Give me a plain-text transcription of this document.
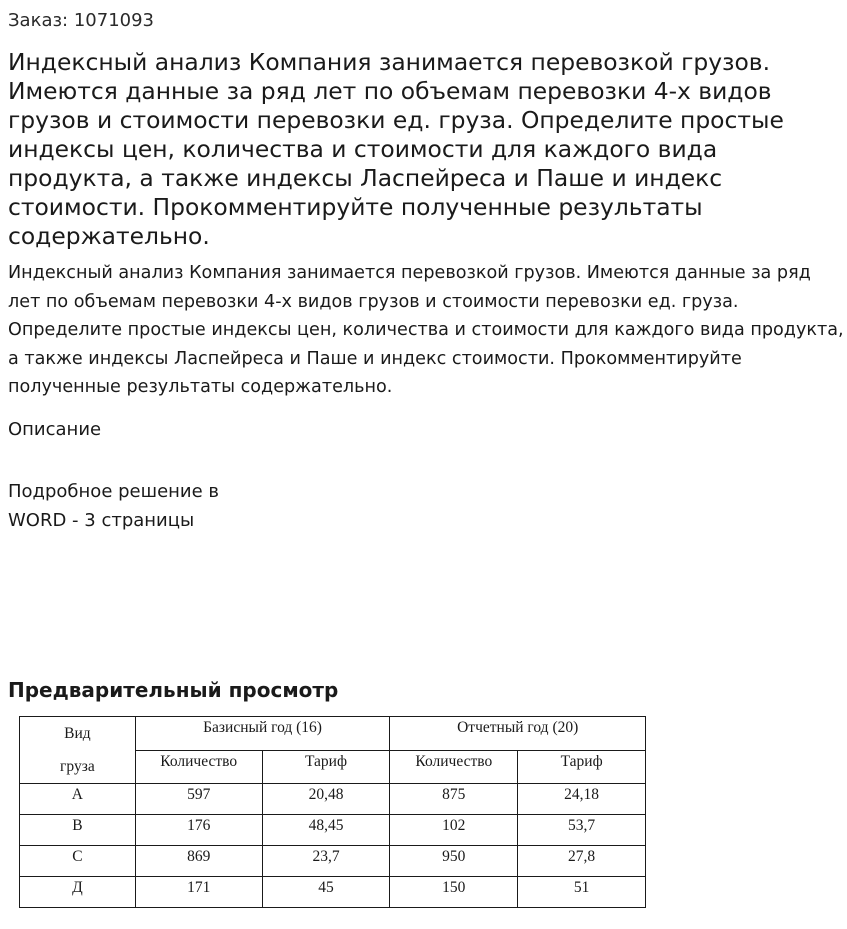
Заказ: 1071093
Индексный анализ Компания занимается перевозкой грузов. Имеются данные за ряд лет по объемам перевозки 4-х видов грузов и стоимости перевозки ед. груза. Определите простые индексы цен, количества и стоимости для каждого вида продукта, а также индексы Ласпейреса и Паше и индекс стоимости. Прокомментируйте полученные результаты содержательно.

Индексный анализ Компания занимается перевозкой грузов. Имеются данные за ряд лет по объемам перевозки 4-х видов грузов и стоимости перевозки ед. груза. Определите простые индексы цен, количества и стоимости для каждого вида продукта, а также индексы Ласпейреса и Паше и индекс стоимости. Прокомментируйте полученные результаты содержательно.

Описание
Подробное решение в
WORD - 3 страницы
Предварительный просмотр
Вид
груза	Базисный год (16)		Отчетный год (20)	
	Количество	Тариф	Количество	Тариф
А	597	20,48	875	24,18
В	176	48,45	102	53,7
С	869	23,7	950	27,8
Д	171	45	150	51
